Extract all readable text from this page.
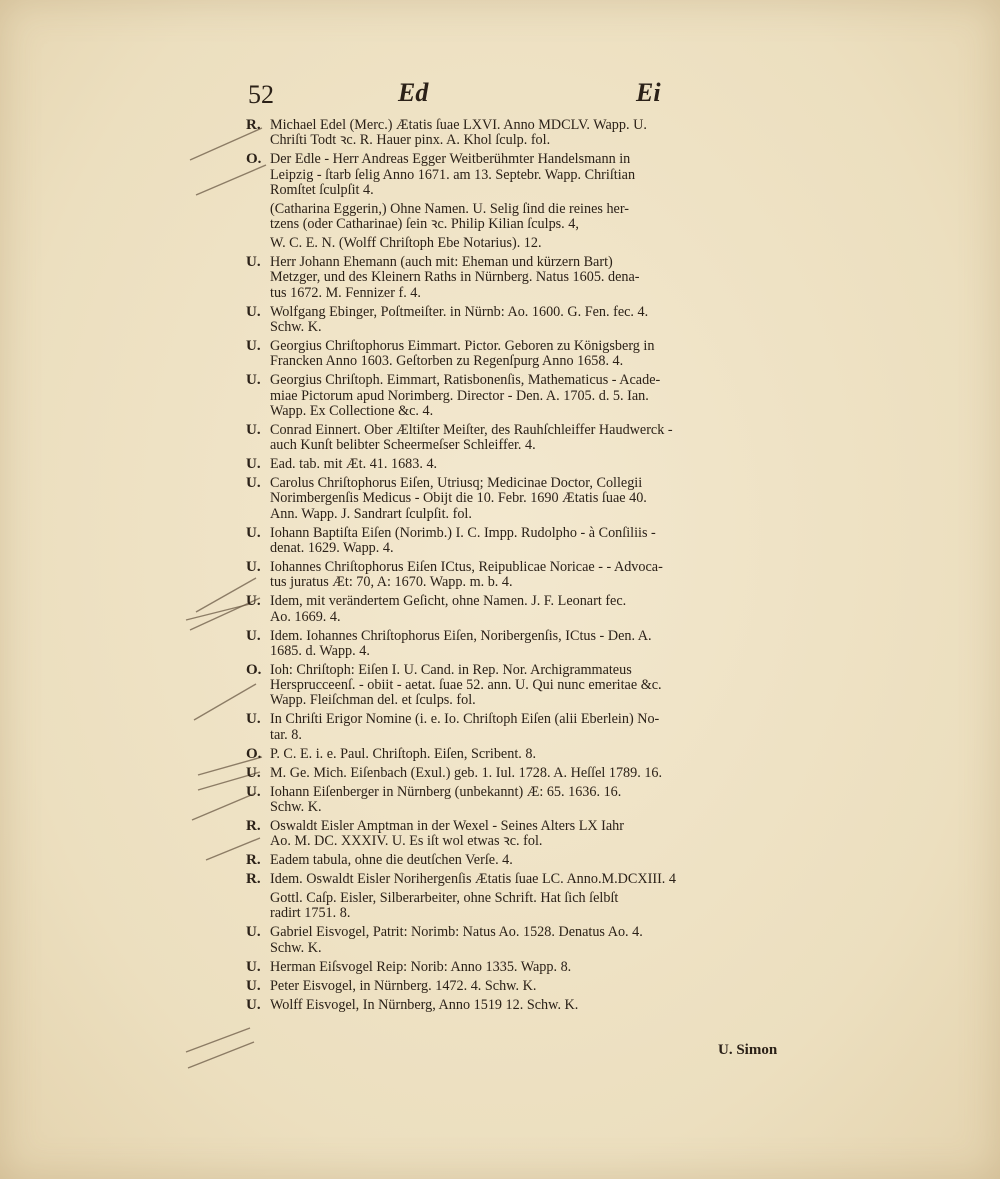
52	Ed	Ei
R. Michael Edel (Merc.) Ætatis ſuae LXVI. Anno MDCLV. Wapp. U.

Chriſti Todt ꝛc. R. Hauer pinx. A. Khol ſculp. fol.

O. Der Edle - Herr Andreas Egger Weitberühmter Handelsmann in

Leipzig - ſtarb ſelig Anno 1671. am 13. Septebr. Wapp. Chriſtian

Romſtet ſculpſit 4.

(Catharina Eggerin,) Ohne Namen. U. Selig ſind die reines her-

tzens (oder Catharinae) ſein ꝛc. Philip Kilian ſculps. 4,

W. C. E. N. (Wolff Chriſtoph Ebe Notarius). 12.

U. Herr Johann Ehemann (auch mit: Eheman und kürzern Bart)

Metzger, und des Kleinern Raths in Nürnberg. Natus 1605. dena-

tus 1672. M. Fennizer f. 4.

U. Wolfgang Ebinger, Poſtmeiſter. in Nürnb: Ao. 1600. G. Fen. fec. 4.

Schw. K.

U. Georgius Chriſtophorus Eimmart. Pictor. Geboren zu Königsberg in

Francken Anno 1603. Geſtorben zu Regenſpurg Anno 1658. 4.

U. Georgius Chriſtoph. Eimmart, Ratisbonenſis, Mathematicus - Acade-

miae Pictorum apud Norimberg. Director - Den. A. 1705. d. 5. Ian.

Wapp. Ex Collectione &c. 4.

U. Conrad Einnert. Ober Æltiſter Meiſter, des Rauhſchleiffer Haudwerck -

auch Kunſt belibter Scheermeſser Schleiffer. 4.

U. Ead. tab. mit Æt. 41. 1683. 4.

U. Carolus Chriſtophorus Eiſen, Utriusq; Medicinae Doctor, Collegii

Norimbergenſis Medicus - Obijt die 10. Febr. 1690 Ætatis ſuae 40.

Ann. Wapp. J. Sandrart ſculpſit. fol.

U. Iohann Baptiſta Eiſen (Norimb.) I. C. Impp. Rudolpho - à Conſiliis -

denat. 1629. Wapp. 4.

U. Iohannes Chriſtophorus Eiſen ICtus, Reipublicae Noricae - - Advoca-

tus juratus Æt: 70, A: 1670. Wapp. m. b. 4.

U. Idem, mit verändertem Geſicht, ohne Namen. J. F. Leonart fec.

Ao. 1669. 4.

U. Idem. Iohannes Chriſtophorus Eiſen, Noribergenſis, ICtus - Den. A.

1685. d. Wapp. 4.

O. Ioh: Chriſtoph: Eiſen I. U. Cand. in Rep. Nor. Archigrammateus

Hersprucceenſ. - obiit - aetat. ſuae 52. ann. U. Qui nunc emeritae &c.

Wapp. Fleiſchman del. et ſculps. fol.

U. In Chriſti Erigor Nomine (i. e. Io. Chriſtoph Eiſen (alii Eberlein) No-

tar. 8.

O. P. C. E. i. e. Paul. Chriſtoph. Eiſen, Scribent. 8.

U. M. Ge. Mich. Eiſenbach (Exul.) geb. 1. Iul. 1728. A. Heſſel 1789. 16.

U. Iohann Eiſenberger in Nürnberg (unbekannt) Æ: 65. 1636. 16.

Schw. K.

R. Oswaldt Eisler Amptman in der Wexel - Seines Alters LX Iahr

Ao. M. DC. XXXIV. U. Es iſt wol etwas ꝛc. fol.

R. Eadem tabula, ohne die deutſchen Verſe. 4.

R. Idem. Oswaldt Eisler Norihergenſis Ætatis ſuae LC. Anno.M.DCXIII. 4

Gottl. Caſp. Eisler, Silberarbeiter, ohne Schrift. Hat ſich ſelbſt

radirt 1751. 8.

U. Gabriel Eisvogel, Patrit: Norimb: Natus Ao. 1528. Denatus Ao. 4.

Schw. K.

U. Herman Eiſsvogel Reip: Norib: Anno 1335. Wapp. 8.

U. Peter Eisvogel, in Nürnberg. 1472. 4. Schw. K.

U. Wolff Eisvogel, In Nürnberg, Anno 1519 12. Schw. K.

U. Simon
